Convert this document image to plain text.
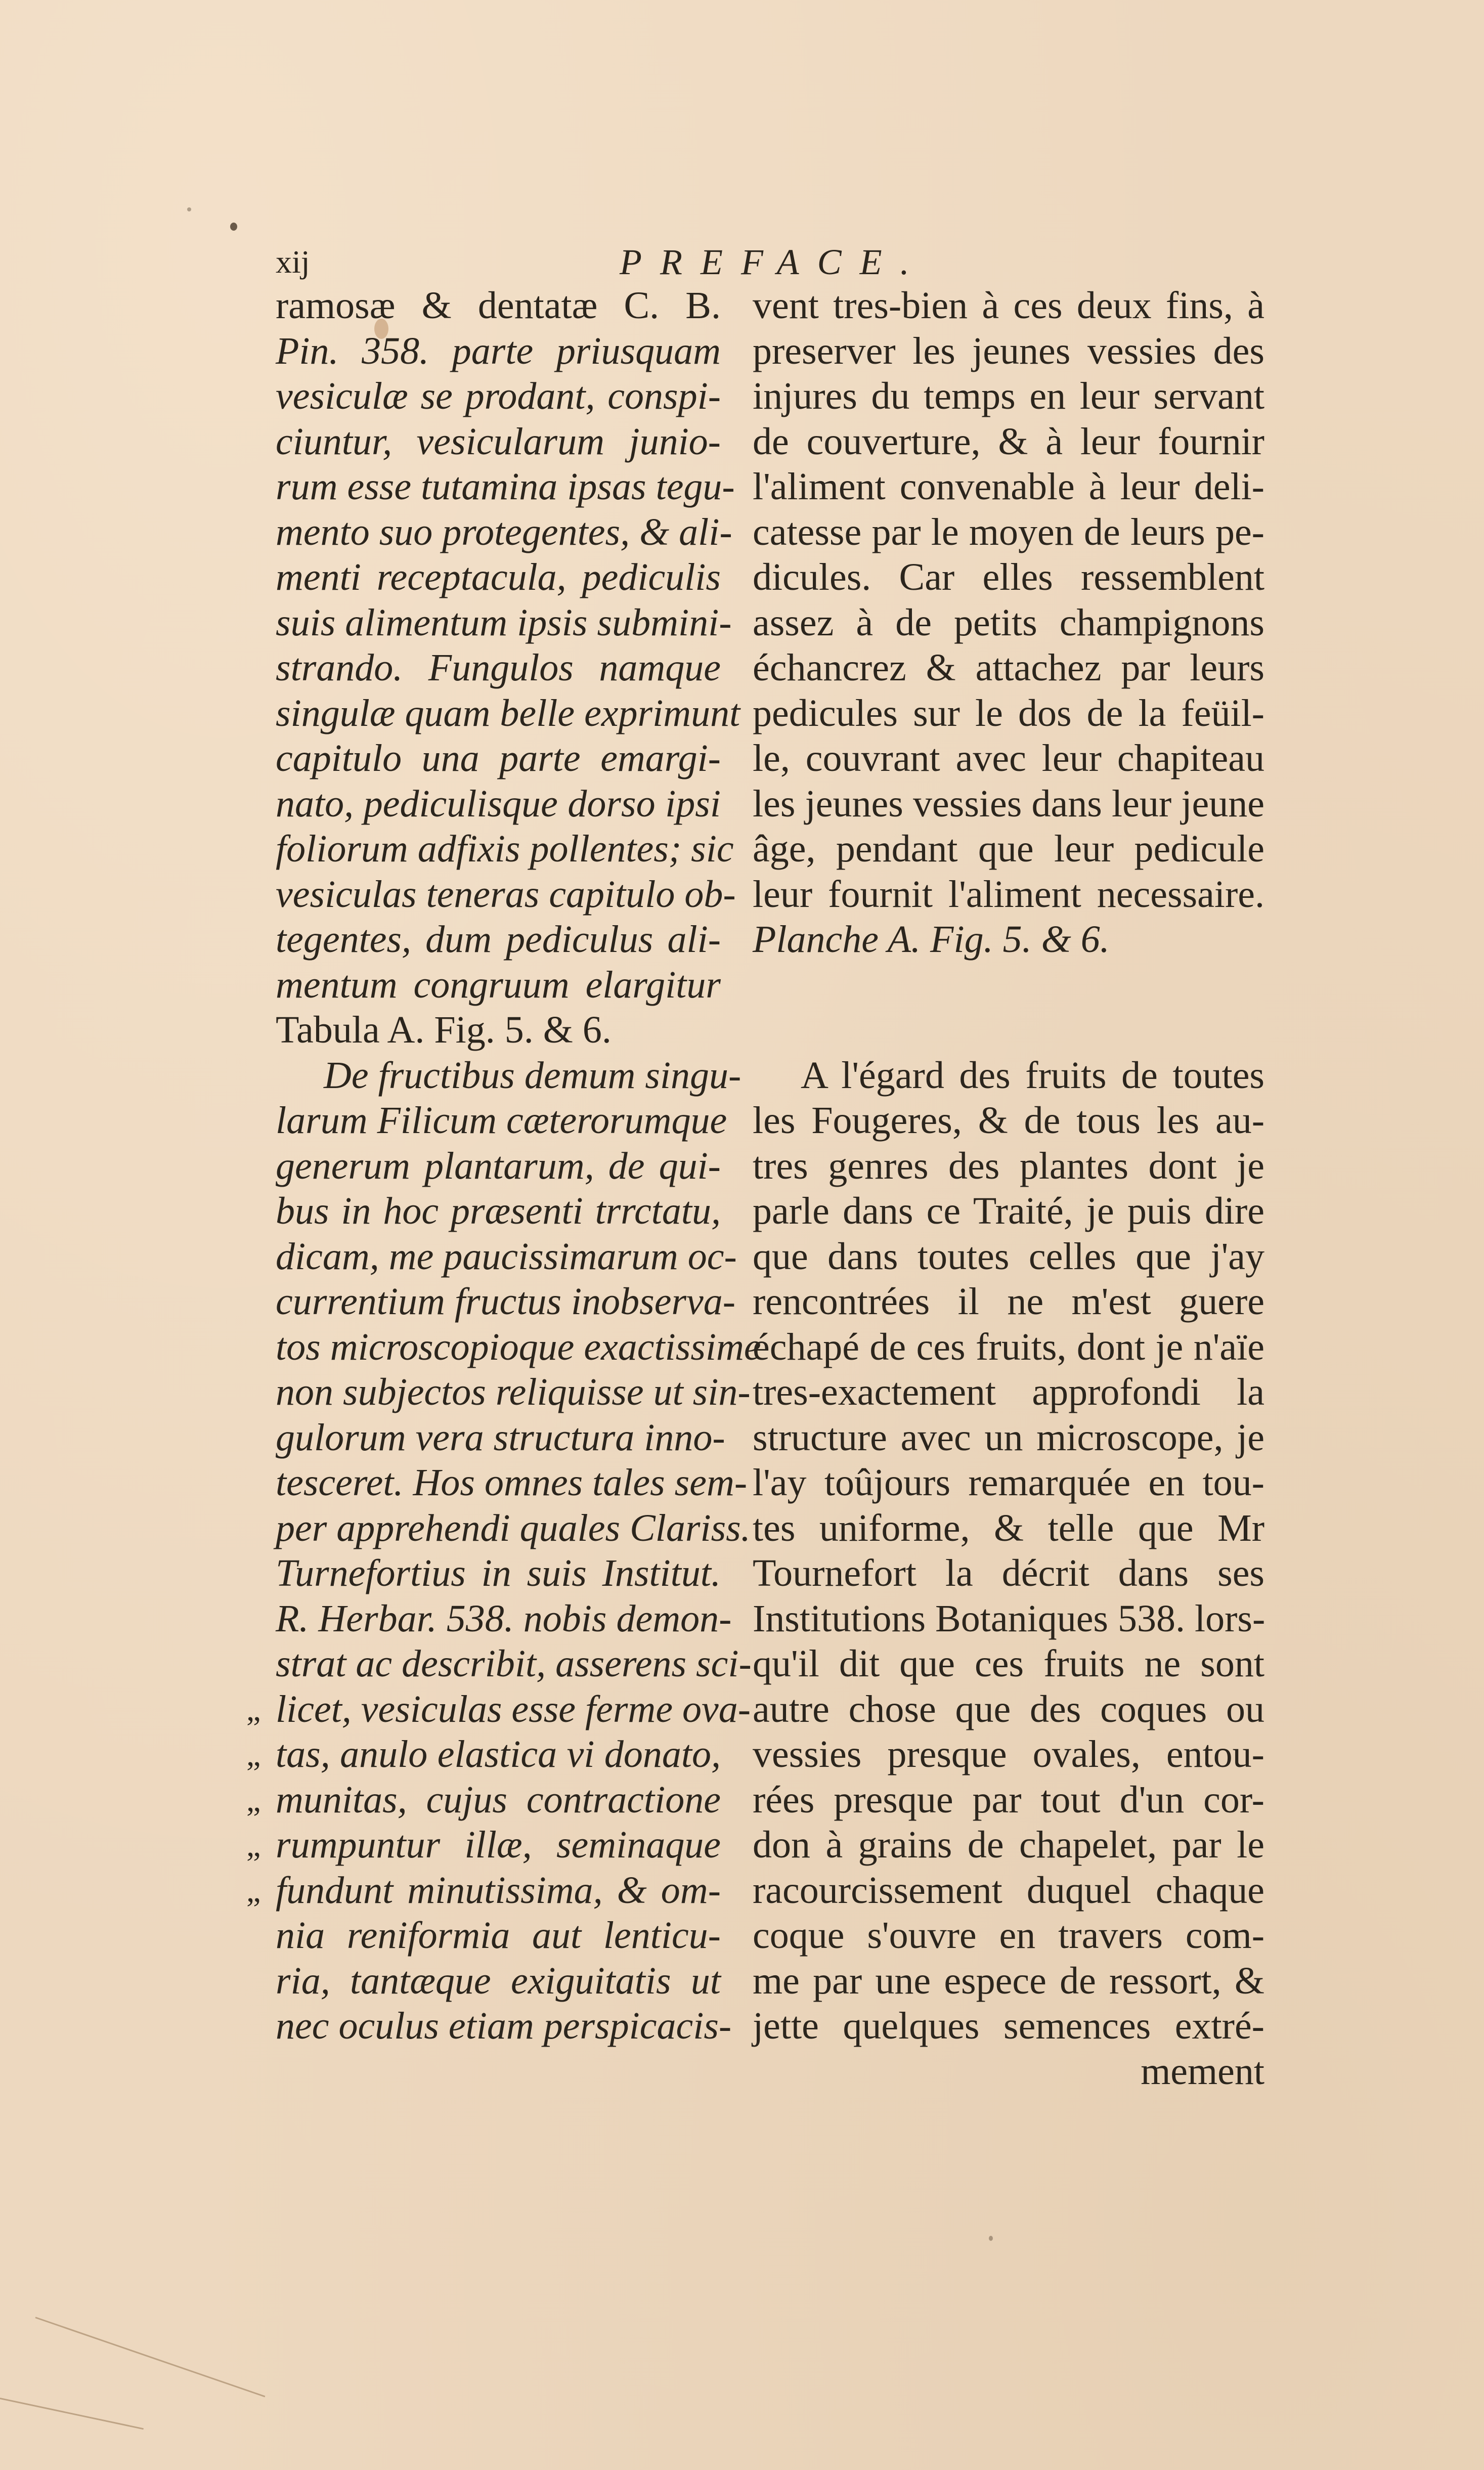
xij	PREFACE.
ramosæ & dentatæ C. B.
Pin. 358. parte priusquam
vesiculæ se prodant, conspi-
ciuntur, vesicularum junio-
rum esse tutamina ipsas tegu-
mento suo protegentes, & ali-
menti receptacula, pediculis
suis alimentum ipsis submini-
strando. Fungulos namque
singulæ quam belle exprimunt
capitulo una parte emargi-
nato, pediculisque dorso ipsi
foliorum adfixis pollentes; sic
vesiculas teneras capitulo ob-
tegentes, dum pediculus ali-
mentum congruum elargitur
Tabula A. Fig. 5. & 6.
De fructibus demum singu-
larum Filicum cæterorumque
generum plantarum, de qui-
bus in hoc præsenti trrctatu,
dicam, me paucissimarum oc-
currentium fructus inobserva-
tos microscopioque exactissime
non subjectos reliquisse ut sin-
gulorum vera structura inno-
tesceret. Hos omnes tales sem-
per apprehendi quales Clariss.
Turnefortius in suis Institut.
R. Herbar. 538. nobis demon-
strat ac describit, asserens sci-
„ licet, vesiculas esse ferme ova-
„ tas, anulo elastica vi donato,
„ munitas, cujus contractione
„ rumpuntur illæ, seminaque
„ fundunt minutissima, & om-
nia reniformia aut lenticu-
ria, tantæque exiguitatis ut
nec oculus etiam perspicacis-
vent tres-bien à ces deux fins, à
preserver les jeunes vessies des
injures du temps en leur servant
de couverture, & à leur fournir
l'aliment convenable à leur deli-
catesse par le moyen de leurs pe-
dicules. Car elles ressemblent
assez à de petits champignons
échancrez & attachez par leurs
pedicules sur le dos de la feüil-
le, couvrant avec leur chapiteau
les jeunes vessies dans leur jeune
âge, pendant que leur pedicule
leur fournit l'aliment necessaire.
Planche A. Fig. 5. & 6.
A l'égard des fruits de toutes
les Fougeres, & de tous les au-
tres genres des plantes dont je
parle dans ce Traité, je puis dire
que dans toutes celles que j'ay
rencontrées il ne m'est guere
échapé de ces fruits, dont je n'aïe
tres-exactement approfondi la
structure avec un microscope, je
l'ay toûjours remarquée en tou-
tes uniforme, & telle que Mr
Tournefort la décrit dans ses
Institutions Botaniques 538. lors-
qu'il dit que ces fruits ne sont
autre chose que des coques ou
vessies presque ovales, entou-
rées presque par tout d'un cor-
don à grains de chapelet, par le
racourcissement duquel chaque
coque s'ouvre en travers com-
me par une espece de ressort, &
jette quelques semences extré-
mement
